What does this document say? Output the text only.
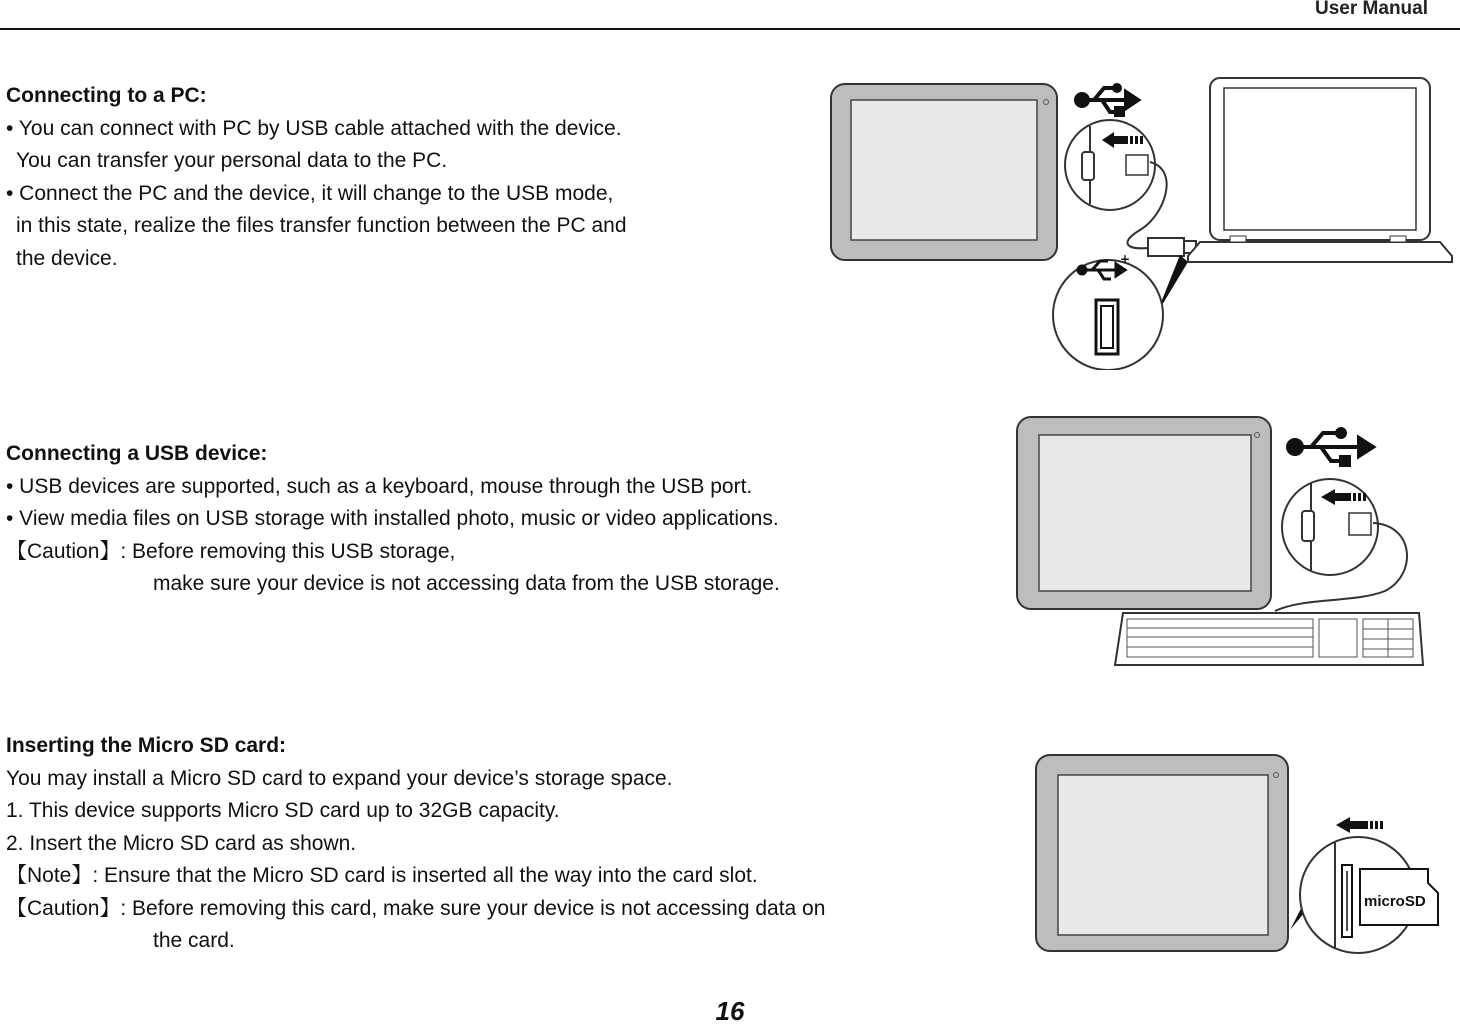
User Manual
Connecting to a PC:
• You can connect with PC by USB cable attached with the device.
You can transfer your personal data to the PC.
• Connect the PC and the device, it will change to the USB mode,
in this state, realize the files transfer function between the PC and
the device.
Connecting a USB device:
• USB devices are supported, such as a keyboard, mouse through the USB port.
• View media files on USB storage with installed photo, music or video applications.
【Caution】: Before removing this USB storage,
make sure your device is not accessing data from the USB storage.
Inserting the Micro SD card:
You may install a Micro SD card to expand your device’s storage space.
1. This device supports Micro SD card up to 32GB capacity.
2. Insert the Micro SD card as shown.
【Note】: Ensure that the Micro SD card is inserted all the way into the card slot.
【Caution】: Before removing this card, make sure your device is not accessing data on
the card.
+
microSD
16
